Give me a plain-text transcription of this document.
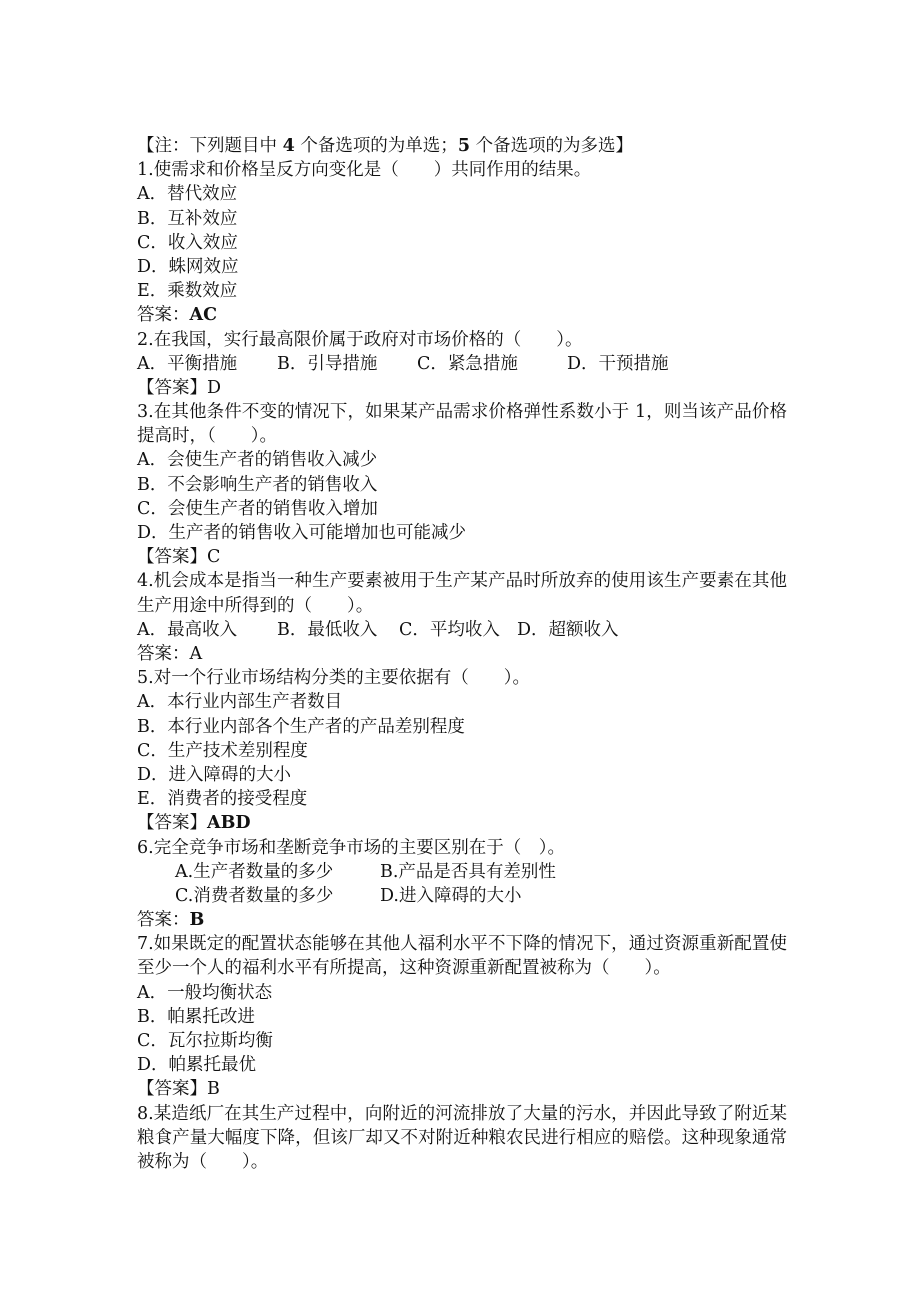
【注：下列题目中 4 个备选项的为单选；5 个备选项的为多选】
1.使需求和价格呈反方向变化是（　　）共同作用的结果。
A．替代效应
B．互补效应
C．收入效应
D．蛛网效应
E．乘数效应
答案：AC
2.在我国，实行最高限价属于政府对市场价格的（　　）。
A．平衡措施 B．引导措施 C．紧急措施	D．干预措施
【答案】D
3.在其他条件不变的情况下，如果某产品需求价格弹性系数小于 1，则当该产品价格提高时，（　　）。
A．会使生产者的销售收入减少
B．不会影响生产者的销售收入
C．会使生产者的销售收入增加
D．生产者的销售收入可能增加也可能减少
【答案】C
4.机会成本是指当一种生产要素被用于生产某产品时所放弃的使用该生产要素在其他生产用途中所得到的（　　）。
A．最高收入 B．最低收入 C．平均收入 D．超额收入
答案：A
5.对一个行业市场结构分类的主要依据有（　　）。
A．本行业内部生产者数目
B．本行业内部各个生产者的产品差别程度
C．生产技术差别程度
D．进入障碍的大小
E．消费者的接受程度
【答案】ABD
6.完全竞争市场和垄断竞争市场的主要区别在于（　）。
A.生产者数量的多少	B.产品是否具有差别性
C.消费者数量的多少	D.进入障碍的大小
答案：B
7.如果既定的配置状态能够在其他人福利水平不下降的情况下，通过资源重新配置使至少一个人的福利水平有所提高，这种资源重新配置被称为（　　）。
A．一般均衡状态
B．帕累托改进
C．瓦尔拉斯均衡
D．帕累托最优
【答案】B
8.某造纸厂在其生产过程中，向附近的河流排放了大量的污水，并因此导致了附近某粮食产量大幅度下降，但该厂却又不对附近种粮农民进行相应的赔偿。这种现象通常被称为（　　）。
